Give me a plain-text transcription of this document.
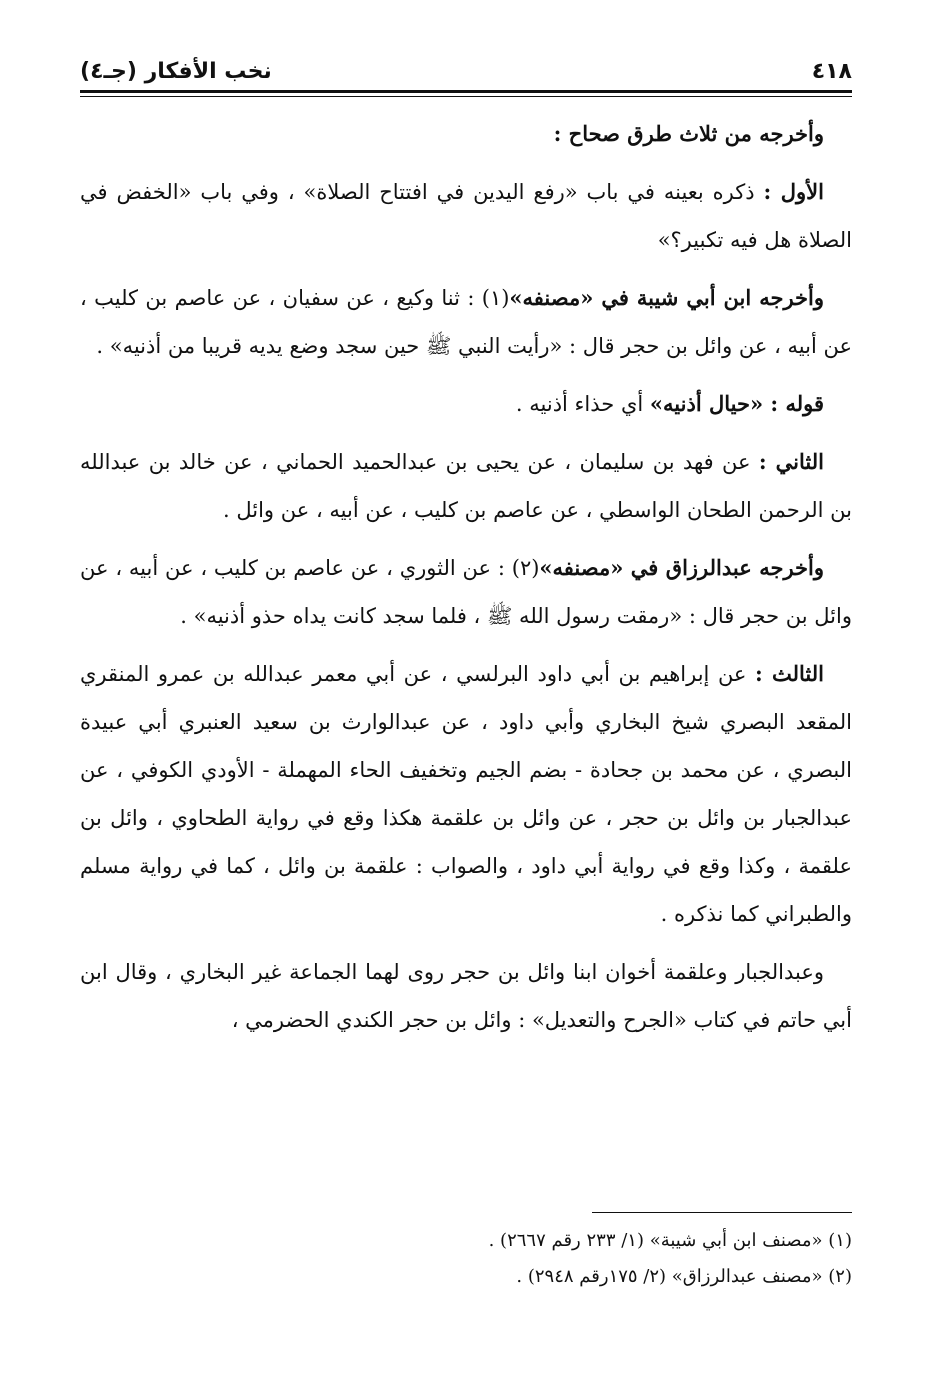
٤١٨
نخب الأفكار (جـ٤)

وأخرجه من ثلاث طرق صحاح :

الأول : ذكره بعينه في باب «رفع اليدين في افتتاح الصلاة» ، وفي باب «الخفض في الصلاة هل فيه تكبير؟»

وأخرجه ابن أبي شيبة في «مصنفه»(١) : ثنا وكيع ، عن سفيان ، عن عاصم بن كليب ، عن أبيه ، عن وائل بن حجر قال : «رأيت النبي ﷺ حين سجد وضع يديه قريبا من أذنيه» .

قوله : «حيال أذنيه» أي حذاء أذنيه .

الثاني : عن فهد بن سليمان ، عن يحيى بن عبدالحميد الحماني ، عن خالد بن عبدالله بن الرحمن الطحان الواسطي ، عن عاصم بن كليب ، عن أبيه ، عن وائل .

وأخرجه عبدالرزاق في «مصنفه»(٢) : عن الثوري ، عن عاصم بن كليب ، عن أبيه ، عن وائل بن حجر قال : «رمقت رسول الله ﷺ ، فلما سجد كانت يداه حذو أذنيه» .

الثالث : عن إبراهيم بن أبي داود البرلسي ، عن أبي معمر عبدالله بن عمرو المنقري المقعد البصري شيخ البخاري وأبي داود ، عن عبدالوارث بن سعيد العنبري أبي عبيدة البصري ، عن محمد بن جحادة - بضم الجيم وتخفيف الحاء المهملة - الأودي الكوفي ، عن عبدالجبار بن وائل بن حجر ، عن وائل بن علقمة هكذا وقع في رواية الطحاوي ، وائل بن علقمة ، وكذا وقع في رواية أبي داود ، والصواب : علقمة بن وائل ، كما في رواية مسلم والطبراني كما نذكره .

وعبدالجبار وعلقمة أخوان ابنا وائل بن حجر روى لهما الجماعة غير البخاري ، وقال ابن أبي حاتم في كتاب «الجرح والتعديل» : وائل بن حجر الكندي الحضرمي ،

(١) «مصنف ابن أبي شيبة» (١/ ٢٣٣ رقم ٢٦٦٧) .

(٢) «مصنف عبدالرزاق» (٢/ ١٧٥رقم ٢٩٤٨) .
